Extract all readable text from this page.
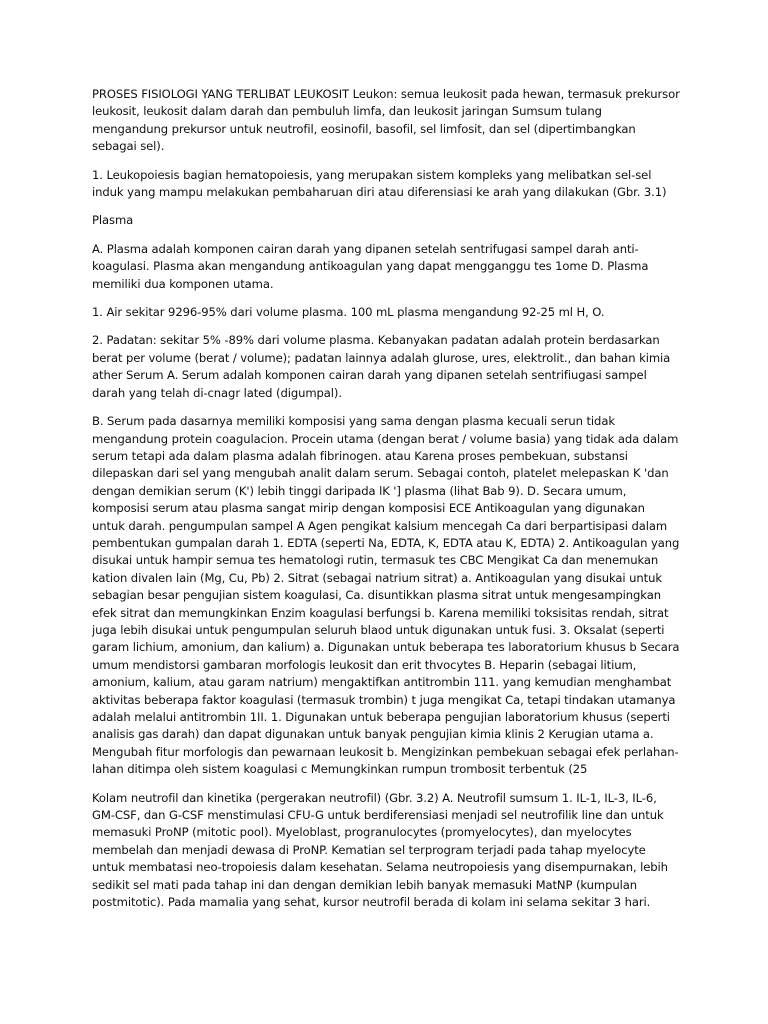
PROSES FISIOLOGI YANG TERLIBAT LEUKOSIT Leukon: semua leukosit pada hewan, termasuk prekursor leukosit, leukosit dalam darah dan pembuluh limfa, dan leukosit jaringan Sumsum tulang mengandung prekursor untuk neutrofil, eosinofil, basofil, sel limfosit, dan sel (dipertimbangkan sebagai sel).

1. Leukopoiesis bagian hematopoiesis, yang merupakan sistem kompleks yang melibatkan sel-sel induk yang mampu melakukan pembaharuan diri atau diferensiasi ke arah yang dilakukan (Gbr. 3.1)

Plasma

A. Plasma adalah komponen cairan darah yang dipanen setelah sentrifugasi sampel darah anti-koagulasi. Plasma akan mengandung antikoagulan yang dapat mengganggu tes 1ome D. Plasma memiliki dua komponen utama.

1. Air sekitar 9296-95% dari volume plasma. 100 mL plasma mengandung 92-25 ml H, O.

2. Padatan: sekitar 5% -89% dari volume plasma. Kebanyakan padatan adalah protein berdasarkan berat per volume (berat / volume); padatan lainnya adalah glurose, ures, elektrolit., dan bahan kimia ather Serum A. Serum adalah komponen cairan darah yang dipanen setelah sentrifiugasi sampel darah yang telah di-cnagr lated (digumpal).

B. Serum pada dasarnya memiliki komposisi yang sama dengan plasma kecuali serun tidak mengandung protein coagulacion. Procein utama (dengan berat / volume basia) yang tidak ada dalam serum tetapi ada dalam plasma adalah fibrinogen. atau Karena proses pembekuan, substansi dilepaskan dari sel yang mengubah analit dalam serum. Sebagai contoh, platelet melepaskan K 'dan dengan demikian serum (K') lebih tinggi daripada lK '] plasma (lihat Bab 9). D. Secara umum, komposisi serum atau plasma sangat mirip dengan komposisi ECE Antikoagulan yang digunakan untuk darah. pengumpulan sampel A Agen pengikat kalsium mencegah Ca dari berpartisipasi dalam pembentukan gumpalan darah 1. EDTA (seperti Na, EDTA, K, EDTA atau K, EDTA) 2. Antikoagulan yang disukai untuk hampir semua tes hematologi rutin, termasuk tes CBC Mengikat Ca dan menemukan kation divalen lain (Mg, Cu, Pb) 2. Sitrat (sebagai natrium sitrat) a. Antikoagulan yang disukai untuk sebagian besar pengujian sistem koagulasi, Ca. disuntikkan plasma sitrat untuk mengesampingkan efek sitrat dan memungkinkan Enzim koagulasi berfungsi b. Karena memiliki toksisitas rendah, sitrat juga lebih disukai untuk pengumpulan seluruh blaod untuk digunakan untuk fusi. 3. Oksalat (seperti garam lichium, amonium, dan kalium) a. Digunakan untuk beberapa tes laboratorium khusus b Secara umum mendistorsi gambaran morfologis leukosit dan erit thvocytes B. Heparin (sebagai litium, amonium, kalium, atau garam natrium) mengaktifkan antitrombin 111. yang kemudian menghambat aktivitas beberapa faktor koagulasi (termasuk trombin) t juga mengikat Ca, tetapi tindakan utamanya adalah melalui antitrombin 1II. 1. Digunakan untuk beberapa pengujian laboratorium khusus (seperti analisis gas darah) dan dapat digunakan untuk banyak pengujian kimia klinis 2 Kerugian utama a. Mengubah fitur morfologis dan pewarnaan leukosit b. Mengizinkan pembekuan sebagai efek perlahan-lahan ditimpa oleh sistem koagulasi c Memungkinkan rumpun trombosit terbentuk (25

Kolam neutrofil dan kinetika (pergerakan neutrofil) (Gbr. 3.2) A. Neutrofil sumsum 1. IL-1, IL-3, IL-6, GM-CSF, dan G-CSF menstimulasi CFU-G untuk berdiferensiasi menjadi sel neutrofilik line dan untuk memasuki ProNP (mitotic pool). Myeloblast, progranulocytes (promyelocytes), dan myelocytes membelah dan menjadi dewasa di ProNP. Kematian sel terprogram terjadi pada tahap myelocyte untuk membatasi neo-tropoiesis dalam kesehatan. Selama neutropoiesis yang disempurnakan, lebih sedikit sel mati pada tahap ini dan dengan demikian lebih banyak memasuki MatNP (kumpulan postmitotic). Pada mamalia yang sehat, kursor neutrofil berada di kolam ini selama sekitar 3 hari.
